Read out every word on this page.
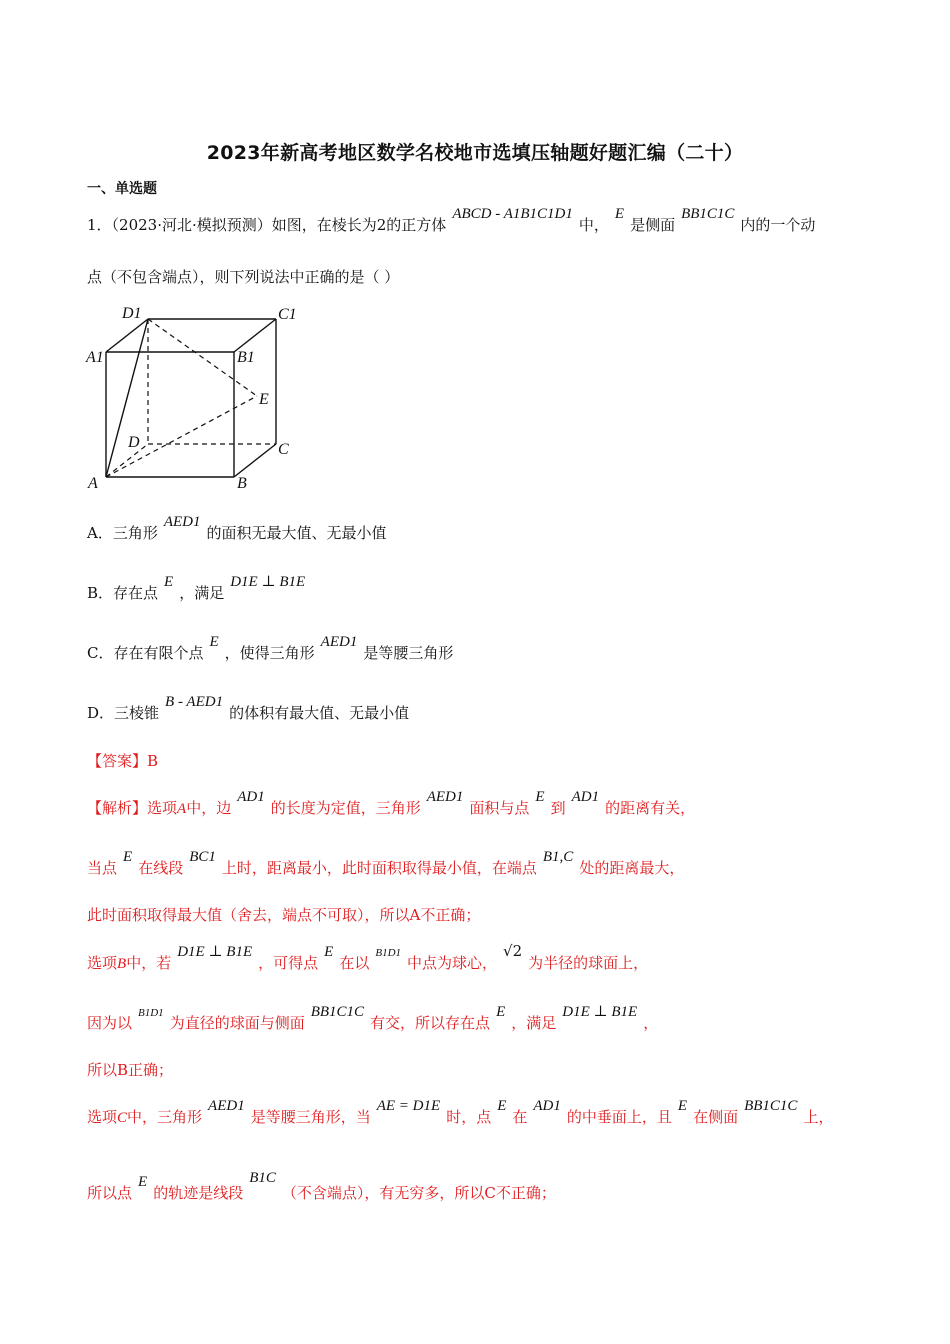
2023年新高考地区数学名校地市选填压轴题好题汇编（二十）
一、单选题
1．（2023·河北·模拟预测）如图，在棱长为2的正方体ABCD - A1B1C1D1中，E是侧面BB1C1C内的一个动
点（不包含端点），则下列说法中正确的是（ ）
D1	C1
A1	B1
E
D	C
A	B
A．三角形AED1的面积无最大值、无最小值
B．存在点E，满足D1E ⊥ B1E
C．存在有限个点E，使得三角形AED1是等腰三角形
D．三棱锥B - AED1的体积有最大值、无最小值
【答案】B
【解析】选项A中，边AD1的长度为定值，三角形AED1面积与点E到AD1的距离有关，
当点E在线段BC1上时，距离最小，此时面积取得最小值，在端点B1,C处的距离最大，
此时面积取得最大值（舍去，端点不可取），所以A不正确；
选项B中，若D1E ⊥ B1E，可得点E在以$^{B1D1}$中点为球心，√2为半径的球面上，
因为以$^{B1D1}$为直径的球面与侧面BB1C1C有交，所以存在点E，满足D1E ⊥ B1E，
所以B正确；
选项C中，三角形AED1是等腰三角形，当AE = D1E时，点E在AD1的中垂面上，且E在侧面BB1C1C上，
所以点E的轨迹是线段B1C（不含端点），有无穷多，所以C不正确；
